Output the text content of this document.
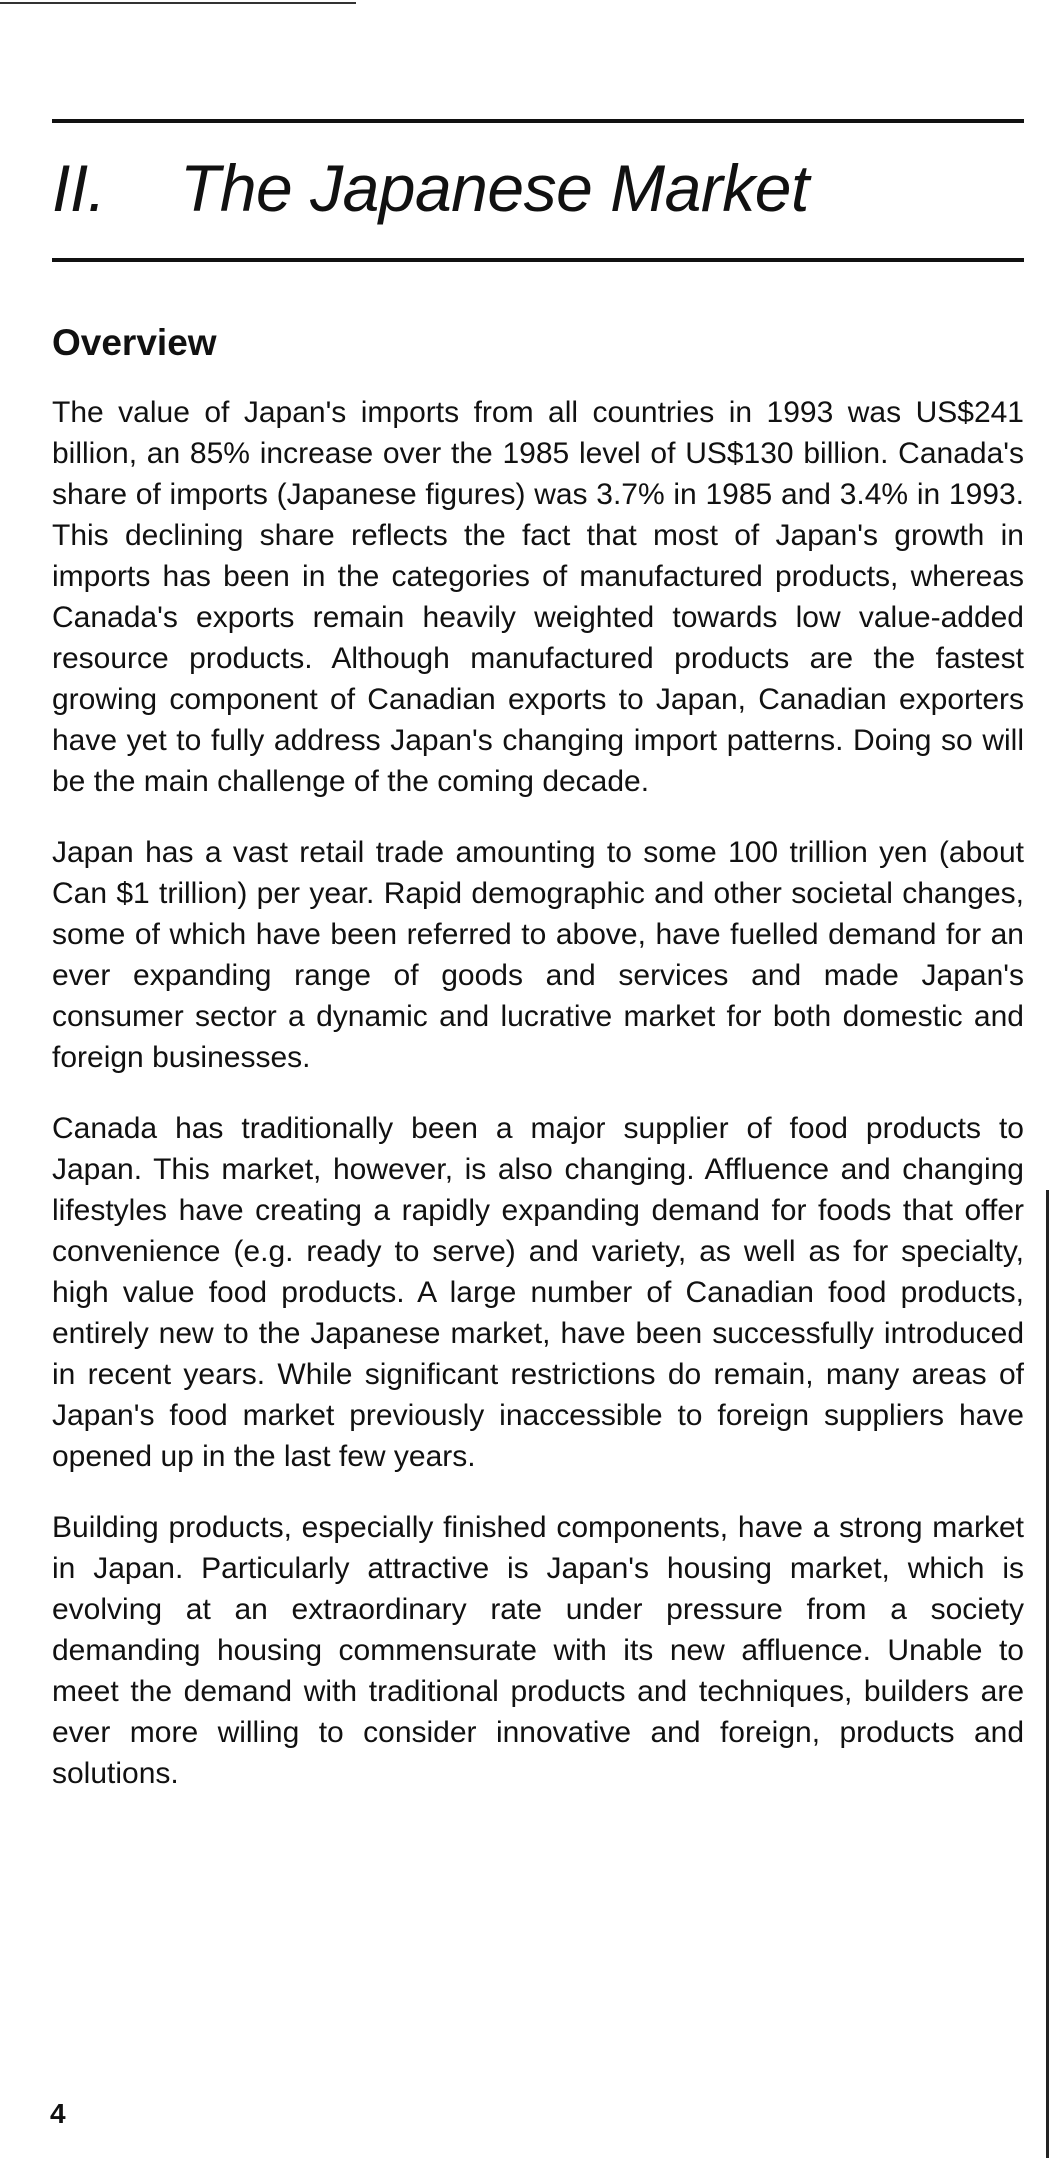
II. The Japanese Market
Overview

The value of Japan's imports from all countries in 1993 was US$241 billion, an 85% increase over the 1985 level of US$130 billion. Canada's share of imports (Japanese figures) was 3.7% in 1985 and 3.4% in 1993. This declining share reflects the fact that most of Japan's growth in imports has been in the categories of manufactured products, whereas Canada's exports remain heavily weighted towards low value-added resource products. Although manufactured products are the fastest growing component of Canadian exports to Japan, Canadian exporters have yet to fully address Japan's changing import patterns. Doing so will be the main challenge of the coming decade.

Japan has a vast retail trade amounting to some 100 trillion yen (about Can $1 trillion) per year. Rapid demographic and other societal changes, some of which have been referred to above, have fuelled demand for an ever expanding range of goods and services and made Japan's consumer sector a dynamic and lucrative market for both domestic and foreign businesses.

Canada has traditionally been a major supplier of food products to Japan. This market, however, is also changing. Affluence and changing lifestyles have creating a rapidly expanding demand for foods that offer convenience (e.g. ready to serve) and variety, as well as for specialty, high value food products. A large number of Canadian food products, entirely new to the Japanese market, have been successfully introduced in recent years. While significant restrictions do remain, many areas of Japan's food market previously inaccessible to foreign suppliers have opened up in the last few years.

Building products, especially finished components, have a strong market in Japan. Particularly attractive is Japan's housing market, which is evolving at an extraordinary rate under pressure from a society demanding housing commensurate with its new affluence. Unable to meet the demand with traditional products and techniques, builders are ever more willing to consider innovative and foreign, products and solutions.

4
